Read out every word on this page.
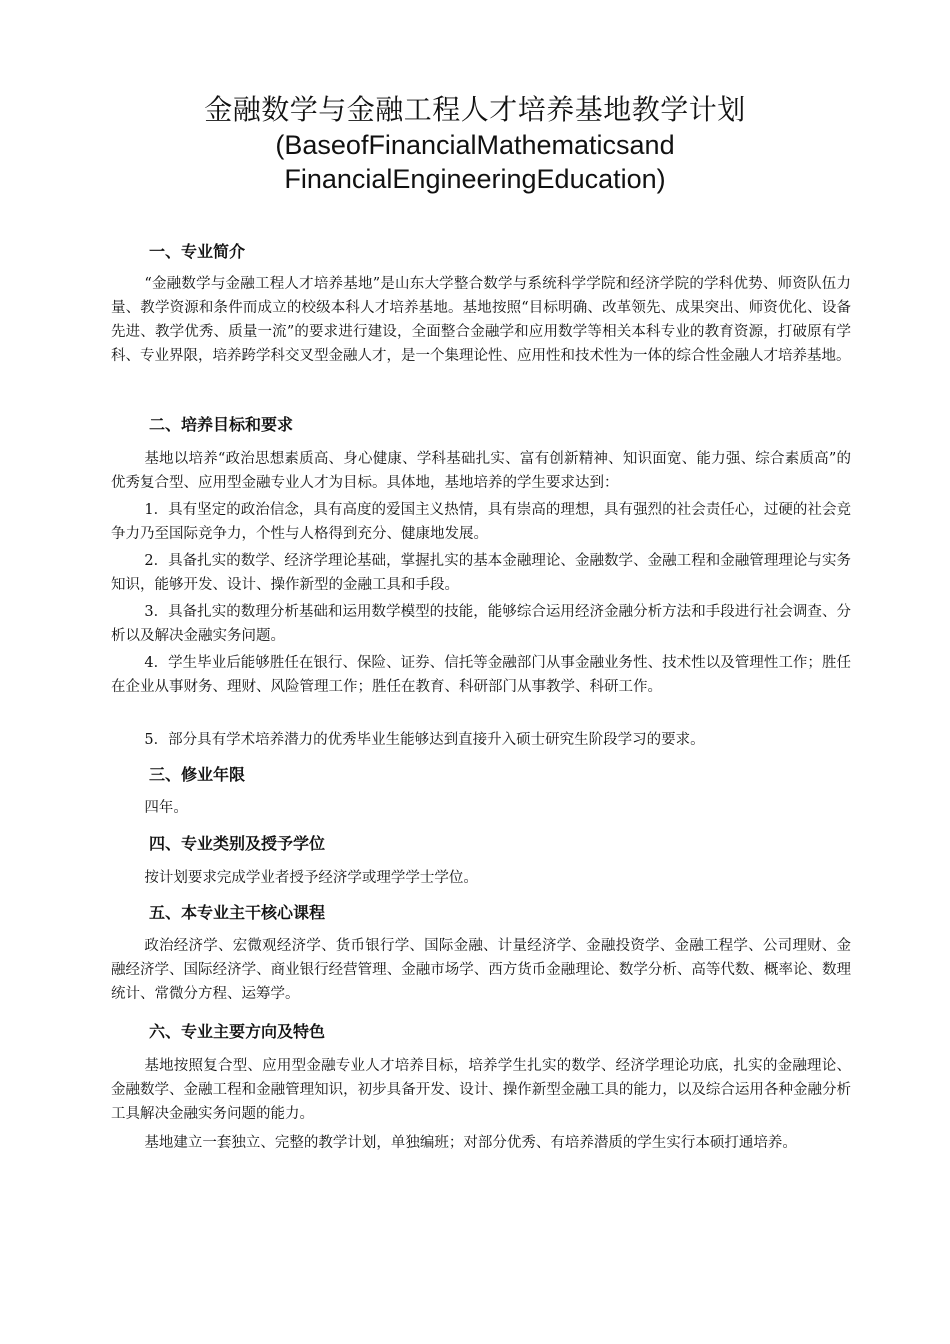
金融数学与金融工程人才培养基地教学计划
(BaseofFinancialMathematicsand
FinancialEngineeringEducation)
一、专业简介
“金融数学与金融工程人才培养基地”是山东大学整合数学与系统科学学院和经济学院的学科优势、师资队伍力量、教学资源和条件而成立的校级本科人才培养基地。基地按照“目标明确、改革领先、成果突出、师资优化、设备先进、教学优秀、质量一流”的要求进行建设，全面整合金融学和应用数学等相关本科专业的教育资源，打破原有学科、专业界限，培养跨学科交叉型金融人才，是一个集理论性、应用性和技术性为一体的综合性金融人才培养基地。
二、培养目标和要求
基地以培养“政治思想素质高、身心健康、学科基础扎实、富有创新精神、知识面宽、能力强、综合素质高”的优秀复合型、应用型金融专业人才为目标。具体地，基地培养的学生要求达到：
1．具有坚定的政治信念，具有高度的爱国主义热情，具有崇高的理想，具有强烈的社会责任心，过硬的社会竞争力乃至国际竞争力，个性与人格得到充分、健康地发展。
2．具备扎实的数学、经济学理论基础，掌握扎实的基本金融理论、金融数学、金融工程和金融管理理论与实务知识，能够开发、设计、操作新型的金融工具和手段。
3．具备扎实的数理分析基础和运用数学模型的技能，能够综合运用经济金融分析方法和手段进行社会调查、分析以及解决金融实务问题。
4．学生毕业后能够胜任在银行、保险、证券、信托等金融部门从事金融业务性、技术性以及管理性工作；胜任在企业从事财务、理财、风险管理工作；胜任在教育、科研部门从事教学、科研工作。
5．部分具有学术培养潜力的优秀毕业生能够达到直接升入硕士研究生阶段学习的要求。
三、修业年限
四年。
四、专业类别及授予学位
按计划要求完成学业者授予经济学或理学学士学位。
五、本专业主干核心课程
政治经济学、宏微观经济学、货币银行学、国际金融、计量经济学、金融投资学、金融工程学、公司理财、金融经济学、国际经济学、商业银行经营管理、金融市场学、西方货币金融理论、数学分析、高等代数、概率论、数理统计、常微分方程、运筹学。
六、专业主要方向及特色
基地按照复合型、应用型金融专业人才培养目标，培养学生扎实的数学、经济学理论功底，扎实的金融理论、金融数学、金融工程和金融管理知识，初步具备开发、设计、操作新型金融工具的能力，以及综合运用各种金融分析工具解决金融实务问题的能力。
基地建立一套独立、完整的教学计划，单独编班；对部分优秀、有培养潜质的学生实行本硕打通培养。
